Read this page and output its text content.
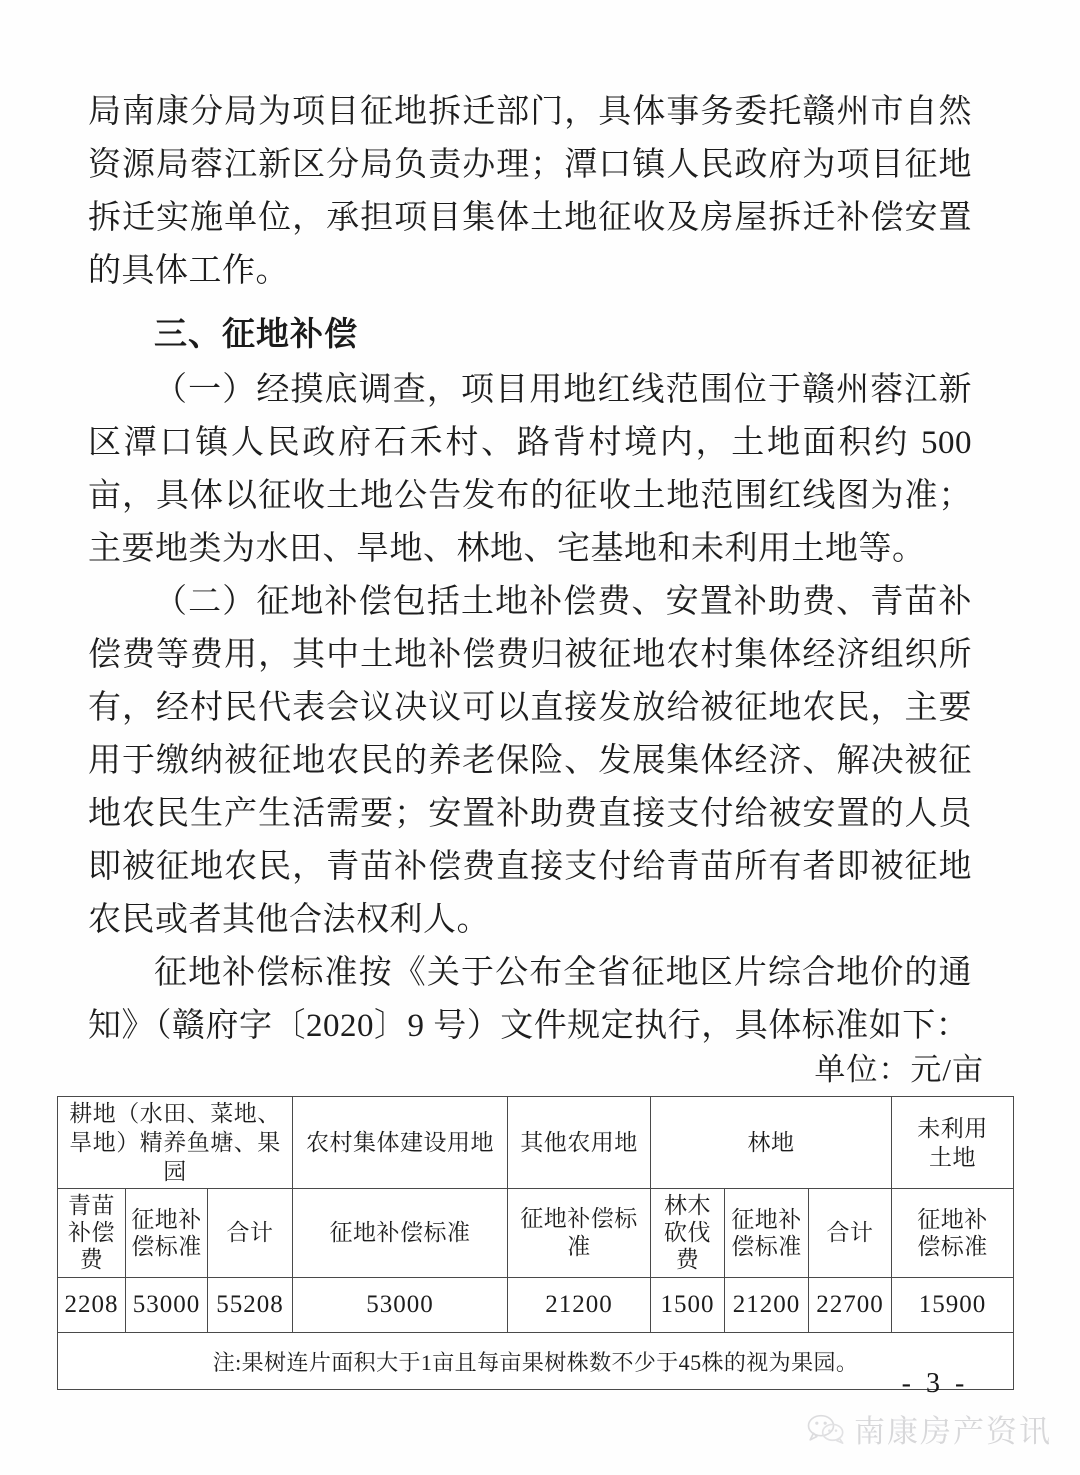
局南康分局为项目征地拆迁部门，具体事务委托赣州市自然资源局蓉江新区分局负责办理；潭口镇人民政府为项目征地拆迁实施单位，承担项目集体土地征收及房屋拆迁补偿安置的具体工作。

三、征地补偿

（一）经摸底调查，项目用地红线范围位于赣州蓉江新区潭口镇人民政府石禾村、路背村境内，土地面积约 500 亩，具体以征收土地公告发布的征收土地范围红线图为准；主要地类为水田、旱地、林地、宅基地和未利用土地等。

（二）征地补偿包括土地补偿费、安置补助费、青苗补偿费等费用，其中土地补偿费归被征地农村集体经济组织所有，经村民代表会议决议可以直接发放给被征地农民，主要用于缴纳被征地农民的养老保险、发展集体经济、解决被征地农民生产生活需要；安置补助费直接支付给被安置的人员即被征地农民，青苗补偿费直接支付给青苗所有者即被征地农民或者其他合法权利人。

征地补偿标准按《关于公布全省征地区片综合地价的通知》（赣府字〔2020〕9 号）文件规定执行，具体标准如下：

单位：元/亩
耕地（水田、菜地、旱地）精养鱼塘、果园			农村集体建设用地	其他农用地	林地			未利用
土地

青苗
补偿
费	征地补
偿标准	合计	征地补偿标准	征地补偿标准	林木
砍伐
费	征地补
偿标准	合计	征地补
偿标准

2208	53000	55208	53000	21200	1500	21200	22700	15900
注:果树连片面积大于1亩且每亩果树株数不少于45株的视为果园。								
- 3 -
南康房产资讯
